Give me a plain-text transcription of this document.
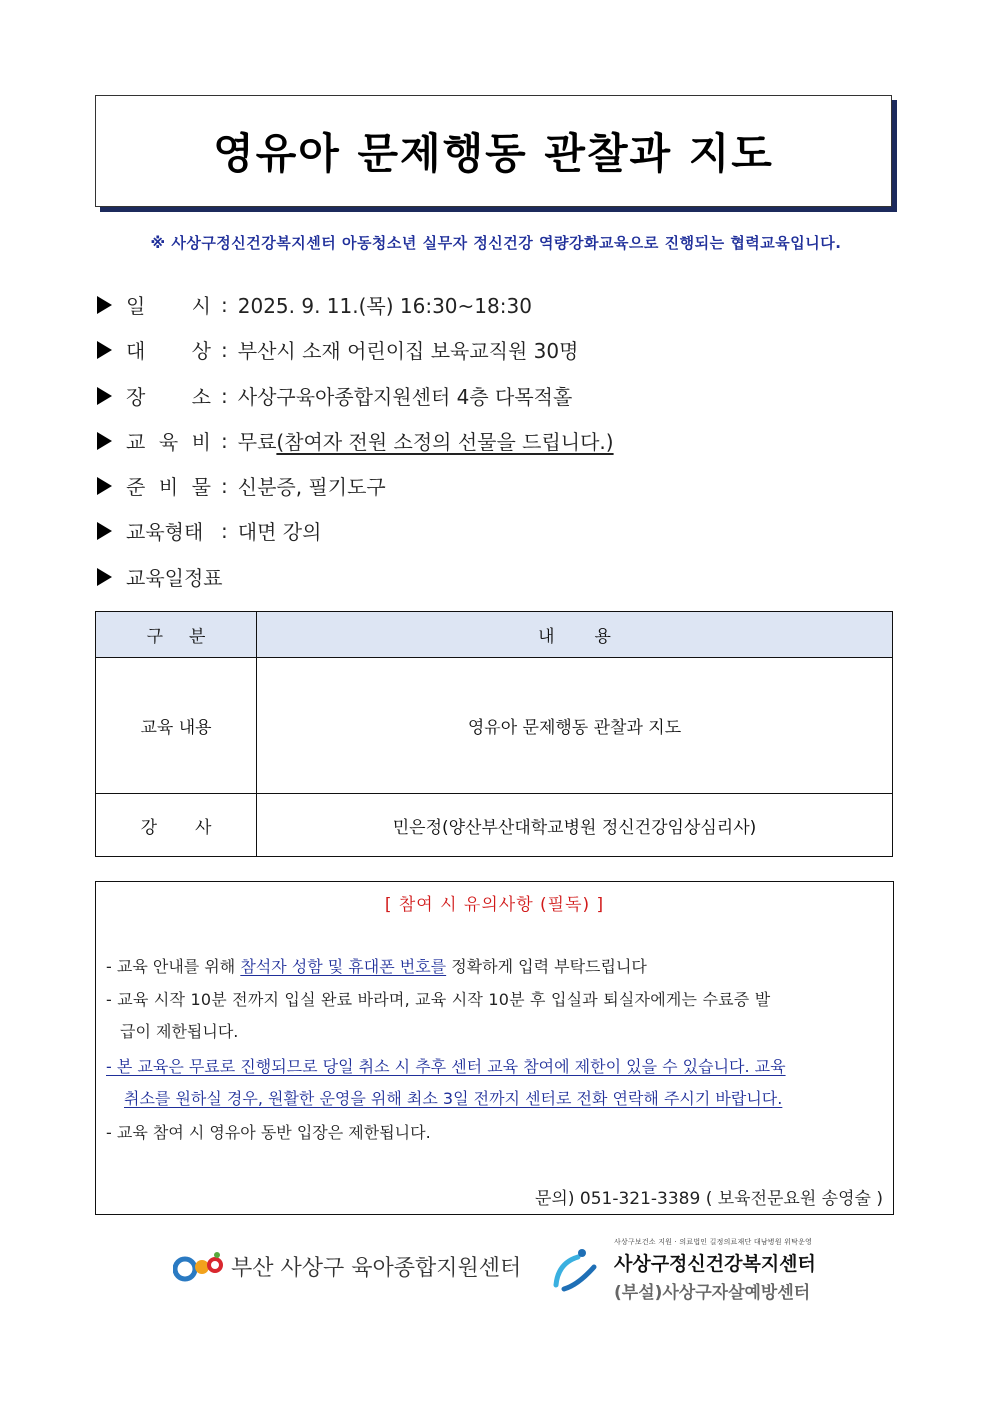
영유아 문제행동 관찰과 지도
※ 사상구정신건강복지센터 아동청소년 실무자 정신건강 역량강화교육으로 진행되는 협력교육입니다.
일 시 : 2025. 9. 11.(목) 16:30~18:30
대 상 : 부산시 소재 어린이집 보육교직원 30명
장 소 : 사상구육아종합지원센터 4층 다목적홀
교 육 비 : 무료 (참여자 전원 소정의 선물을 드립니다.)
준 비 물 : 신분증, 필기도구
교육형태 : 대면 강의
교육일정표
구분	내용
교육 내용	영유아 문제행동 관찰과 지도
강사	민은정(양산부산대학교병원 정신건강임상심리사)
[ 참여 시 유의사항 (필독) ]
- 교육 안내를 위해 참석자 성함 및 휴대폰 번호를 정확하게 입력 부탁드립니다
- 교육 시작 10분 전까지 입실 완료 바라며, 교육 시작 10분 후 입실과 퇴실자에게는 수료증 발
급이 제한됩니다.
- 본 교육은 무료로 진행되므로 당일 취소 시 추후 센터 교육 참여에 제한이 있을 수 있습니다. 교육
취소를 원하실 경우, 원활한 운영을 위해 최소 3일 전까지 센터로 전화 연락해 주시기 바랍니다.
- 교육 참여 시 영유아 동반 입장은 제한됩니다.
문의) 051-321-3389 ( 보육전문요원 송영술 )
부산 사상구 육아종합지원센터
사상구보건소 지원 · 의료법인 길정의료재단 대남병원 위탁운영
사상구정신건강복지센터
(부설)사상구자살예방센터
